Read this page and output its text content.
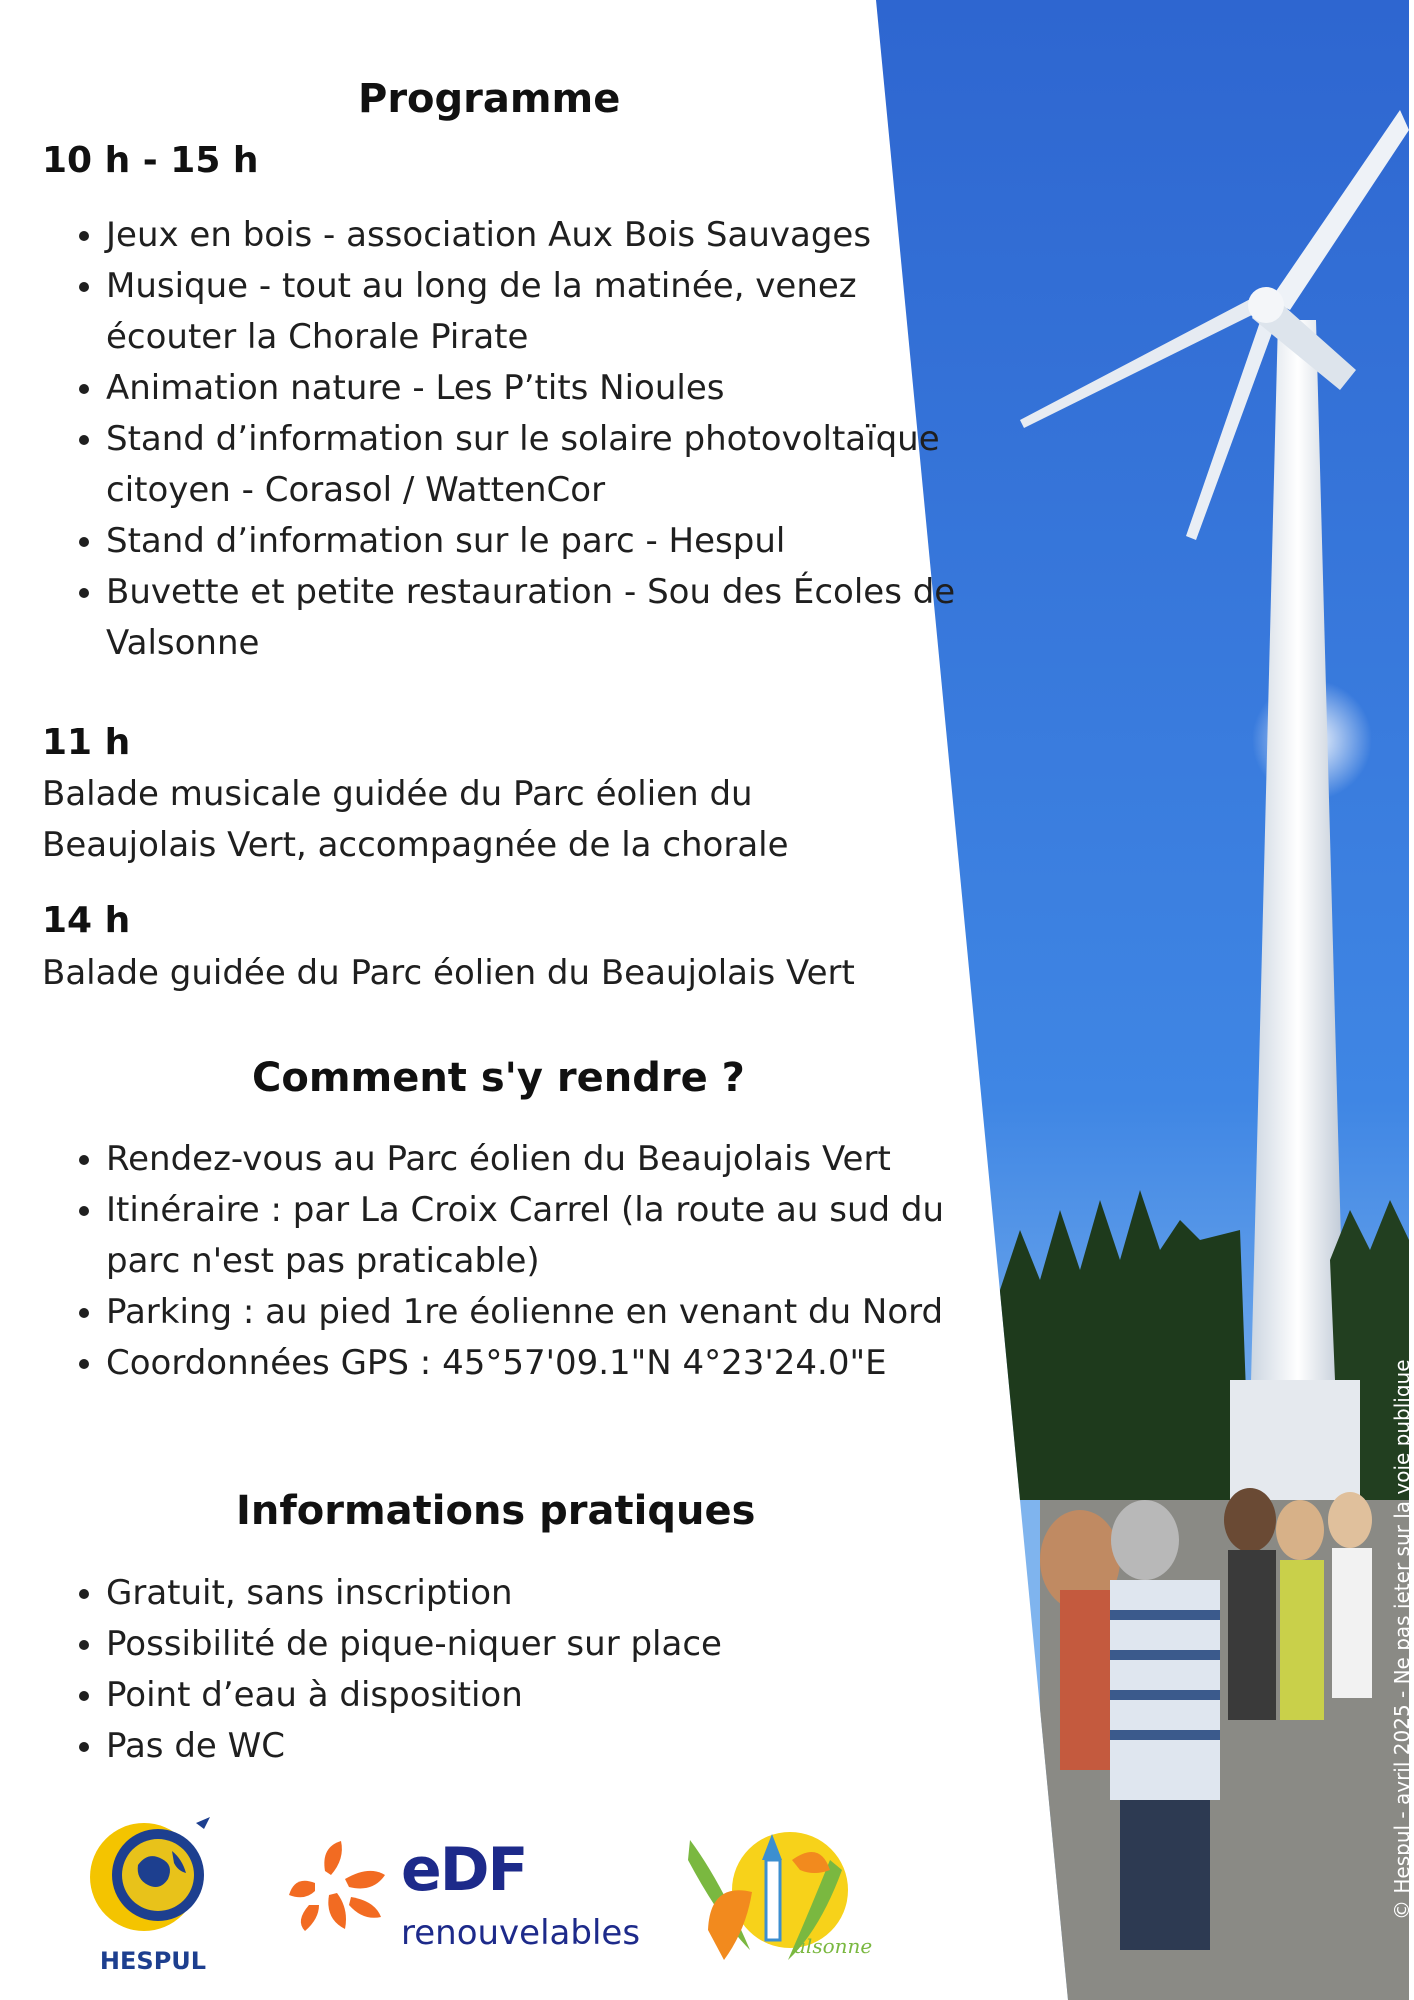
© Hespul - avril 2025 - Ne pas jeter sur la voie publique
Programme
10 h - 15 h
• Jeux en bois - association Aux Bois Sauvages
• Musique - tout au long de la matinée, venez écouter la Chorale Pirate
• Animation nature - Les P’tits Nioules
• Stand d’information sur le solaire photovoltaïque citoyen - Corasol / WattenCor
• Stand d’information sur le parc - Hespul
• Buvette et petite restauration - Sou des Écoles de Valsonne
11 h
Balade musicale guidée du Parc éolien du Beaujolais Vert, accompagnée de la chorale
14 h
Balade guidée du Parc éolien du Beaujolais Vert
Comment s'y rendre ?
• Rendez-vous au Parc éolien du Beaujolais Vert
• Itinéraire : par La Croix Carrel (la route au sud du parc n'est pas praticable)
• Parking : au pied 1re éolienne en venant du Nord
• Coordonnées GPS : 45°57'09.1"N 4°23'24.0"E
Informations pratiques
• Gratuit, sans inscription
• Possibilité de pique-niquer sur place
• Point d’eau à disposition
• Pas de WC
HESPUL
eDF
renouvelables	alsonne
